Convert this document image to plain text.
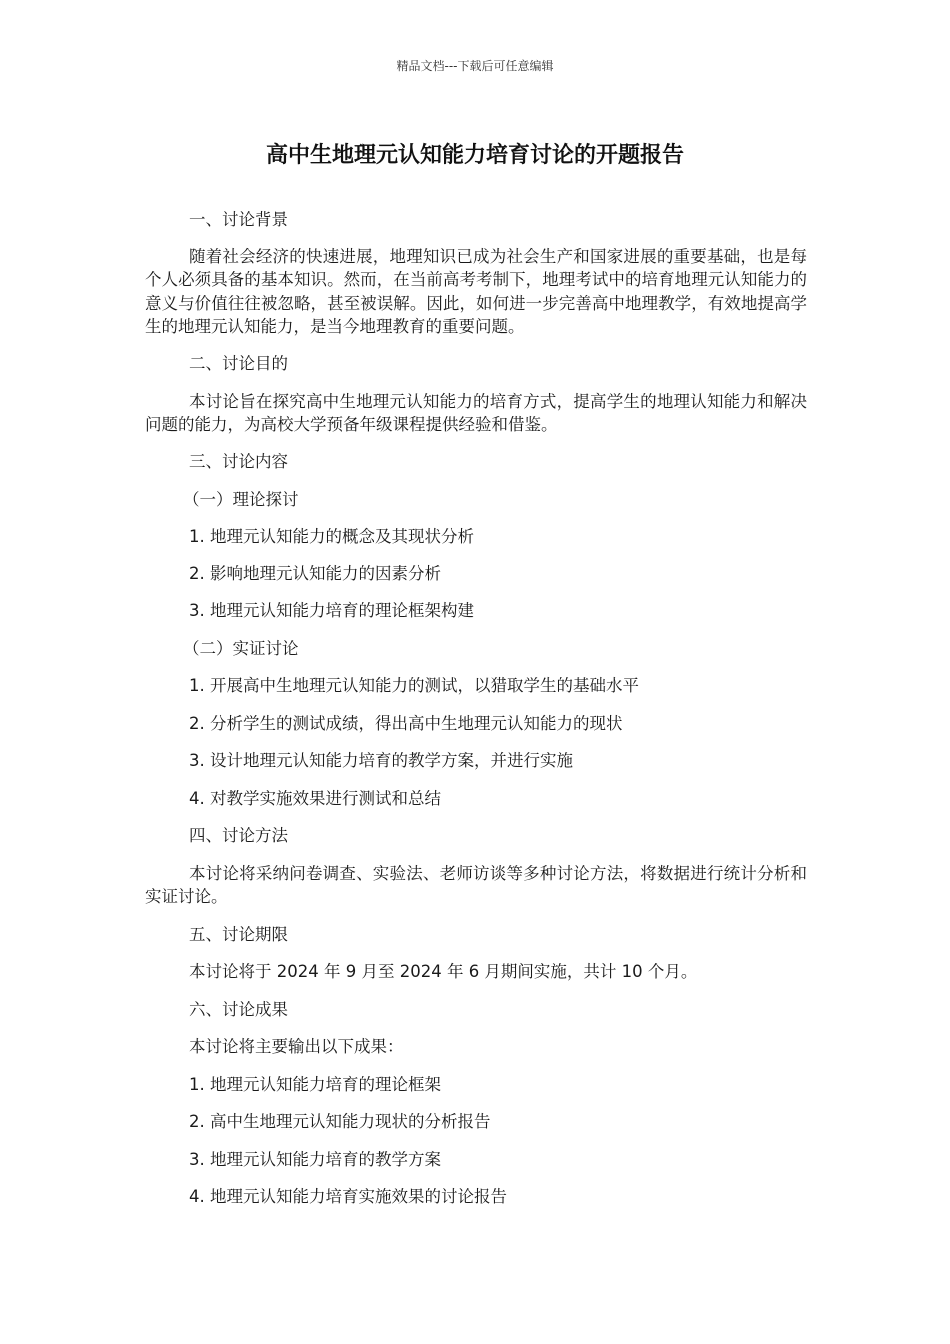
精品文档---下载后可任意编辑
高中生地理元认知能力培育讨论的开题报告
一、讨论背景
随着社会经济的快速进展，地理知识已成为社会生产和国家进展的重要基础，也是每个人必须具备的基本知识。然而，在当前高考考制下，地理考试中的培育地理元认知能力的意义与价值往往被忽略，甚至被误解。因此，如何进一步完善高中地理教学，有效地提高学生的地理元认知能力，是当今地理教育的重要问题。
二、讨论目的
本讨论旨在探究高中生地理元认知能力的培育方式，提高学生的地理认知能力和解决问题的能力，为高校大学预备年级课程提供经验和借鉴。
三、讨论内容
（一）理论探讨
1. 地理元认知能力的概念及其现状分析
2. 影响地理元认知能力的因素分析
3. 地理元认知能力培育的理论框架构建
（二）实证讨论
1. 开展高中生地理元认知能力的测试，以猎取学生的基础水平
2. 分析学生的测试成绩，得出高中生地理元认知能力的现状
3. 设计地理元认知能力培育的教学方案，并进行实施
4. 对教学实施效果进行测试和总结
四、讨论方法
本讨论将采纳问卷调查、实验法、老师访谈等多种讨论方法，将数据进行统计分析和实证讨论。
五、讨论期限
本讨论将于 2024 年 9 月至 2024 年 6 月期间实施，共计 10 个月。
六、讨论成果
本讨论将主要输出以下成果：
1. 地理元认知能力培育的理论框架
2. 高中生地理元认知能力现状的分析报告
3. 地理元认知能力培育的教学方案
4. 地理元认知能力培育实施效果的讨论报告
